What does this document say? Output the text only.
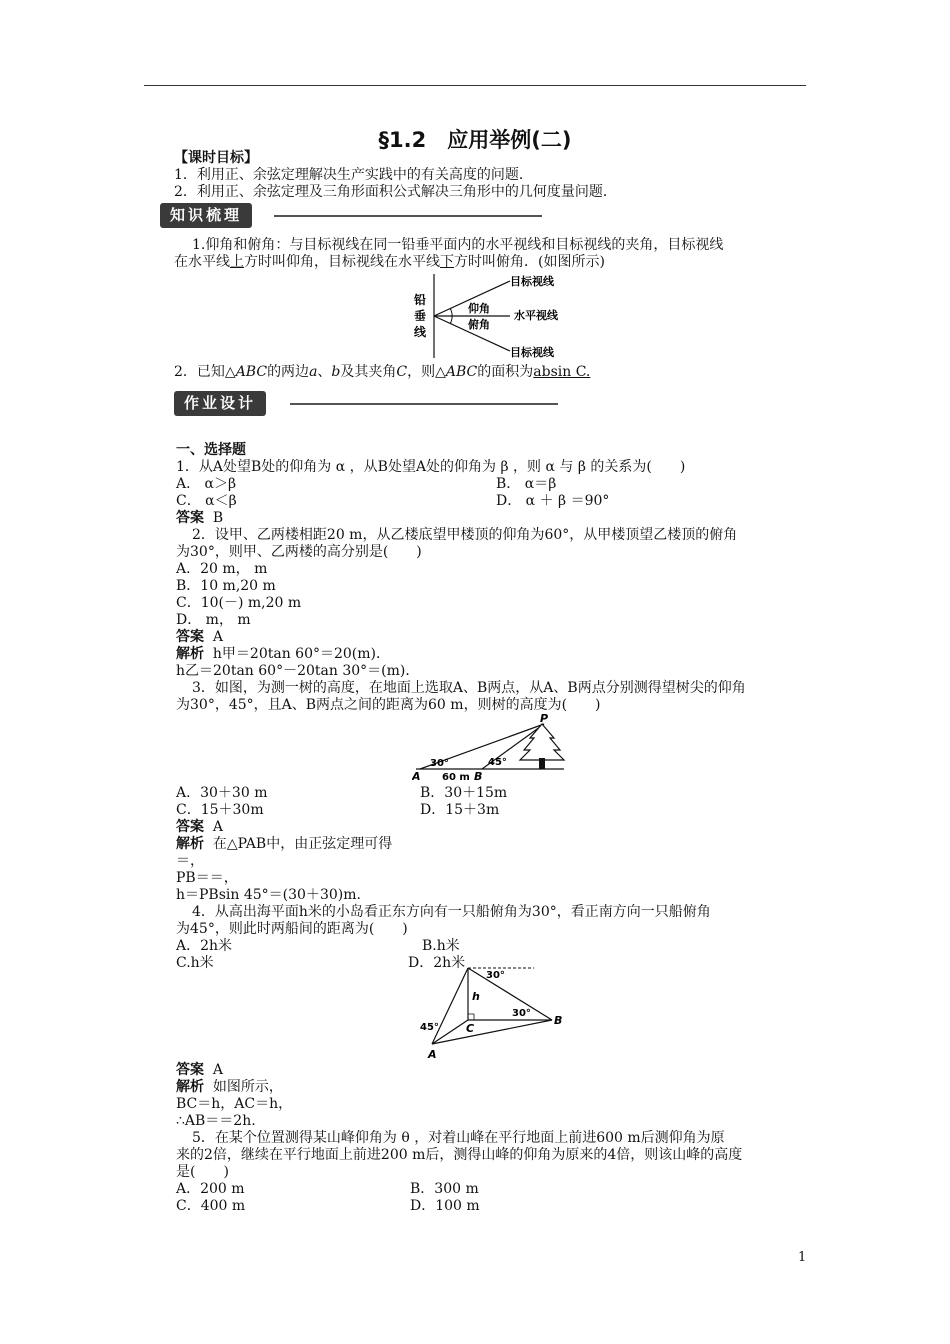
§1.2　应用举例(二)
【课时目标】
1．利用正、余弦定理解决生产实践中的有关高度的问题．
2．利用正、余弦定理及三角形面积公式解决三角形中的几何度量问题．
知识梳理
1.仰角和俯角：与目标视线在同一铅垂平面内的水平视线和目标视线的夹角，目标视线
在水平线上方时叫仰角，目标视线在水平线下方时叫俯角．(如图所示)
铅
垂
线
目标视线
仰角
水平视线
俯角
目标视线
2．已知△ABC的两边a、b及其夹角C，则△ABC的面积为absin C.
作业设计
一、选择题
1．从A处望B处的仰角为 α ，从B处望A处的仰角为 β ，则 α 与 β 的关系为(　　)
A． α＞β	B． α＝β
C． α＜β	D． α ＋ β ＝90°
答案 B
2．设甲、乙两楼相距20 m，从乙楼底望甲楼顶的仰角为60°，从甲楼顶望乙楼顶的俯角
为30°，则甲、乙两楼的高分别是(　　)
A．20 m， m
B．10 m,20 m
C．10(－) m,20 m
D． m， m
答案 A
解析 h甲＝20tan 60°＝20(m)．
h乙＝20tan 60°－20tan 30°＝(m)．
3．如图，为测一树的高度，在地面上选取A、B两点，从A、B两点分别测得望树尖的仰角
为30°，45°，且A、B两点之间的距离为60 m，则树的高度为(　　)
P
A	B
30°	45°
60 m
A．30＋30 m	B．30＋15m
C．15＋30m	D．15＋3m
答案 A
解析 在△PAB中，由正弦定理可得
＝，
PB＝＝，
h＝PBsin 45°＝(30＋30)m.
4．从高出海平面h米的小岛看正东方向有一只船俯角为30°，看正南方向一只船俯角
为45°，则此时两船间的距离为(　　)
A．2h米	B.h米
C.h米	D．2h米
30°
h
30°
B
C
45°
A
答案 A
解析 如图所示，
BC＝h，AC＝h，
∴AB＝＝2h.
5．在某个位置测得某山峰仰角为 θ ，对着山峰在平行地面上前进600 m后测仰角为原
来的2倍，继续在平行地面上前进200 m后，测得山峰的仰角为原来的4倍，则该山峰的高度
是(　　)
A．200 m	B．300 m
C．400 m	D．100 m
1
